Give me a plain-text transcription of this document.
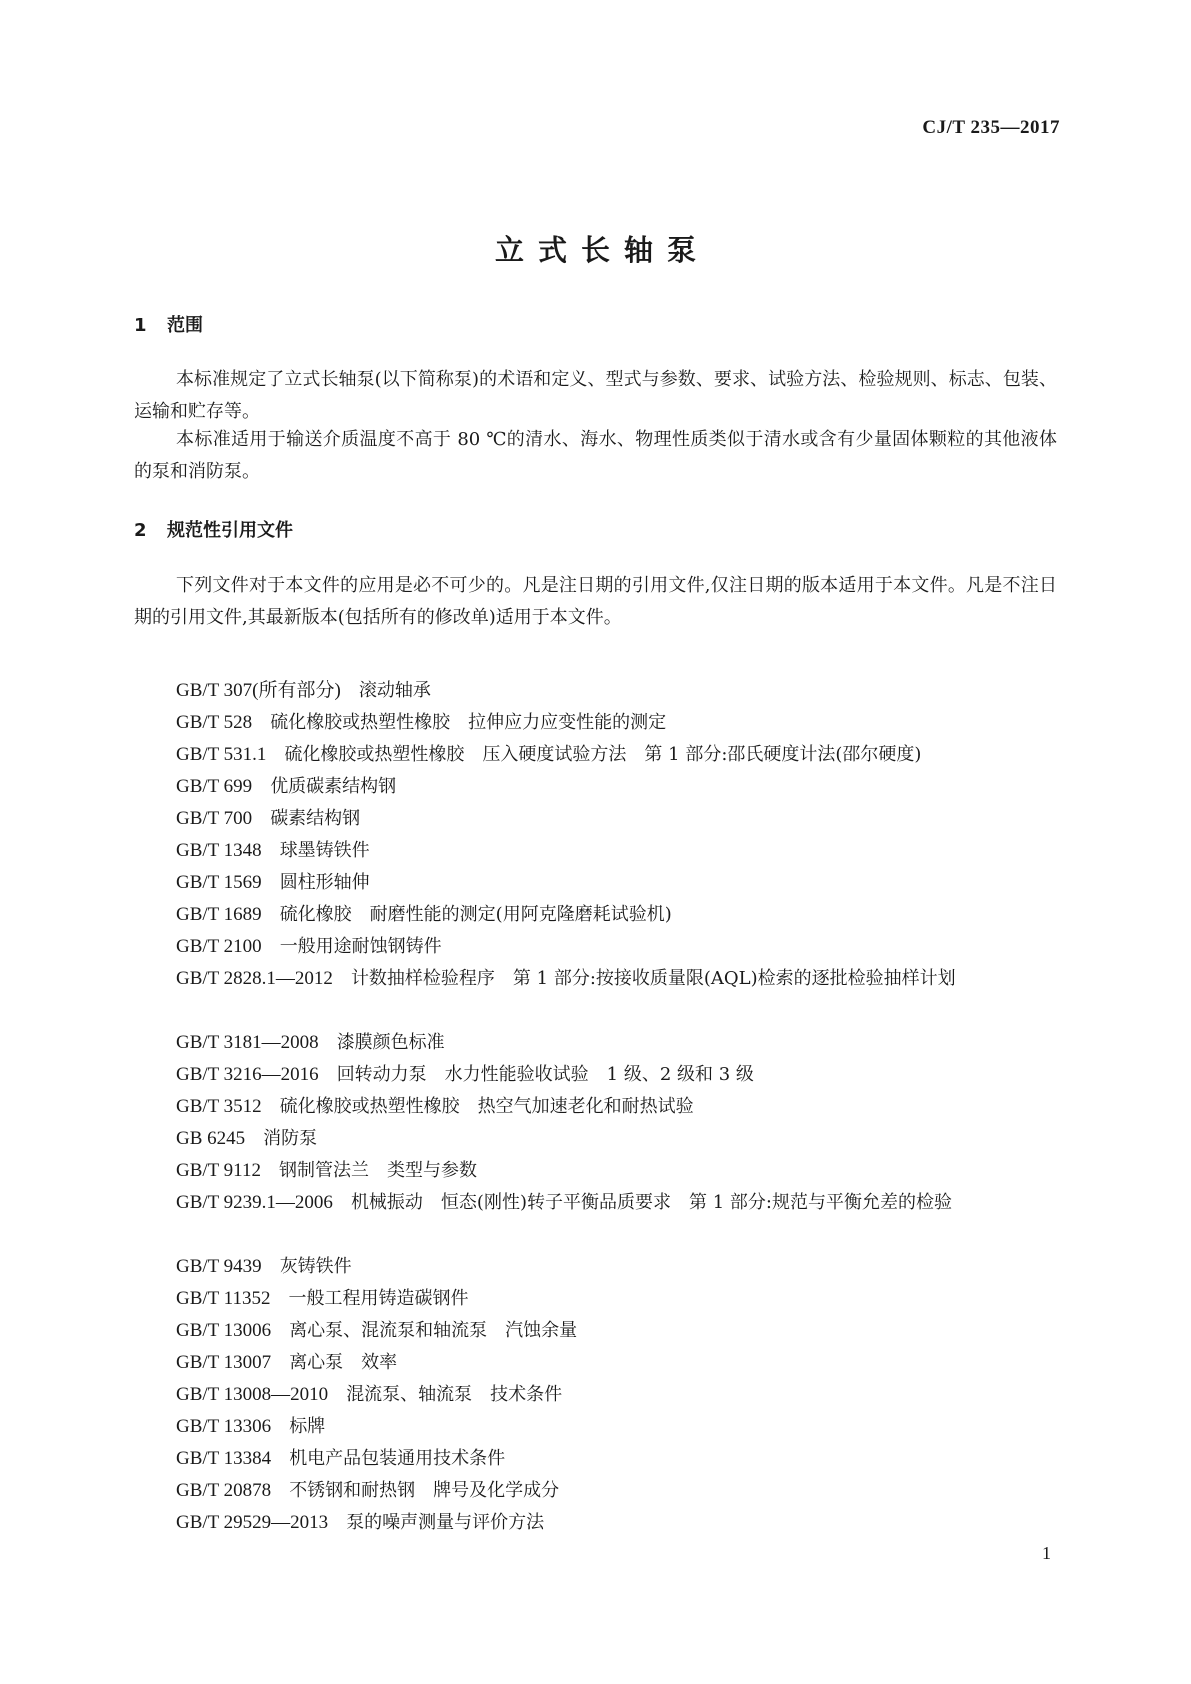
CJ/T 235—2017
立式长轴泵
1 范围
本标准规定了立式长轴泵(以下简称泵)的术语和定义、型式与参数、要求、试验方法、检验规则、标志、包装、运输和贮存等。
本标准适用于输送介质温度不高于 80 ℃的清水、海水、物理性质类似于清水或含有少量固体颗粒的其他液体的泵和消防泵。
2 规范性引用文件
下列文件对于本文件的应用是必不可少的。凡是注日期的引用文件,仅注日期的版本适用于本文件。凡是不注日期的引用文件,其最新版本(包括所有的修改单)适用于本文件。
GB/T 307(所有部分) 滚动轴承
GB/T 528 硫化橡胶或热塑性橡胶　拉伸应力应变性能的测定
GB/T 531.1 硫化橡胶或热塑性橡胶　压入硬度试验方法　第 1 部分:邵氏硬度计法(邵尔硬度)
GB/T 699 优质碳素结构钢
GB/T 700 碳素结构钢
GB/T 1348 球墨铸铁件
GB/T 1569 圆柱形轴伸
GB/T 1689 硫化橡胶　耐磨性能的测定(用阿克隆磨耗试验机)
GB/T 2100 一般用途耐蚀钢铸件
GB/T 2828.1—2012 计数抽样检验程序　第 1 部分:按接收质量限(AQL)检索的逐批检验抽样计划
GB/T 3181—2008 漆膜颜色标准
GB/T 3216—2016 回转动力泵　水力性能验收试验　1 级、2 级和 3 级
GB/T 3512 硫化橡胶或热塑性橡胶　热空气加速老化和耐热试验
GB 6245 消防泵
GB/T 9112 钢制管法兰　类型与参数
GB/T 9239.1—2006 机械振动　恒态(刚性)转子平衡品质要求　第 1 部分:规范与平衡允差的检验
GB/T 9439 灰铸铁件
GB/T 11352 一般工程用铸造碳钢件
GB/T 13006 离心泵、混流泵和轴流泵　汽蚀余量
GB/T 13007 离心泵　效率
GB/T 13008—2010 混流泵、轴流泵　技术条件
GB/T 13306 标牌
GB/T 13384 机电产品包装通用技术条件
GB/T 20878 不锈钢和耐热钢　牌号及化学成分
GB/T 29529—2013 泵的噪声测量与评价方法
1
